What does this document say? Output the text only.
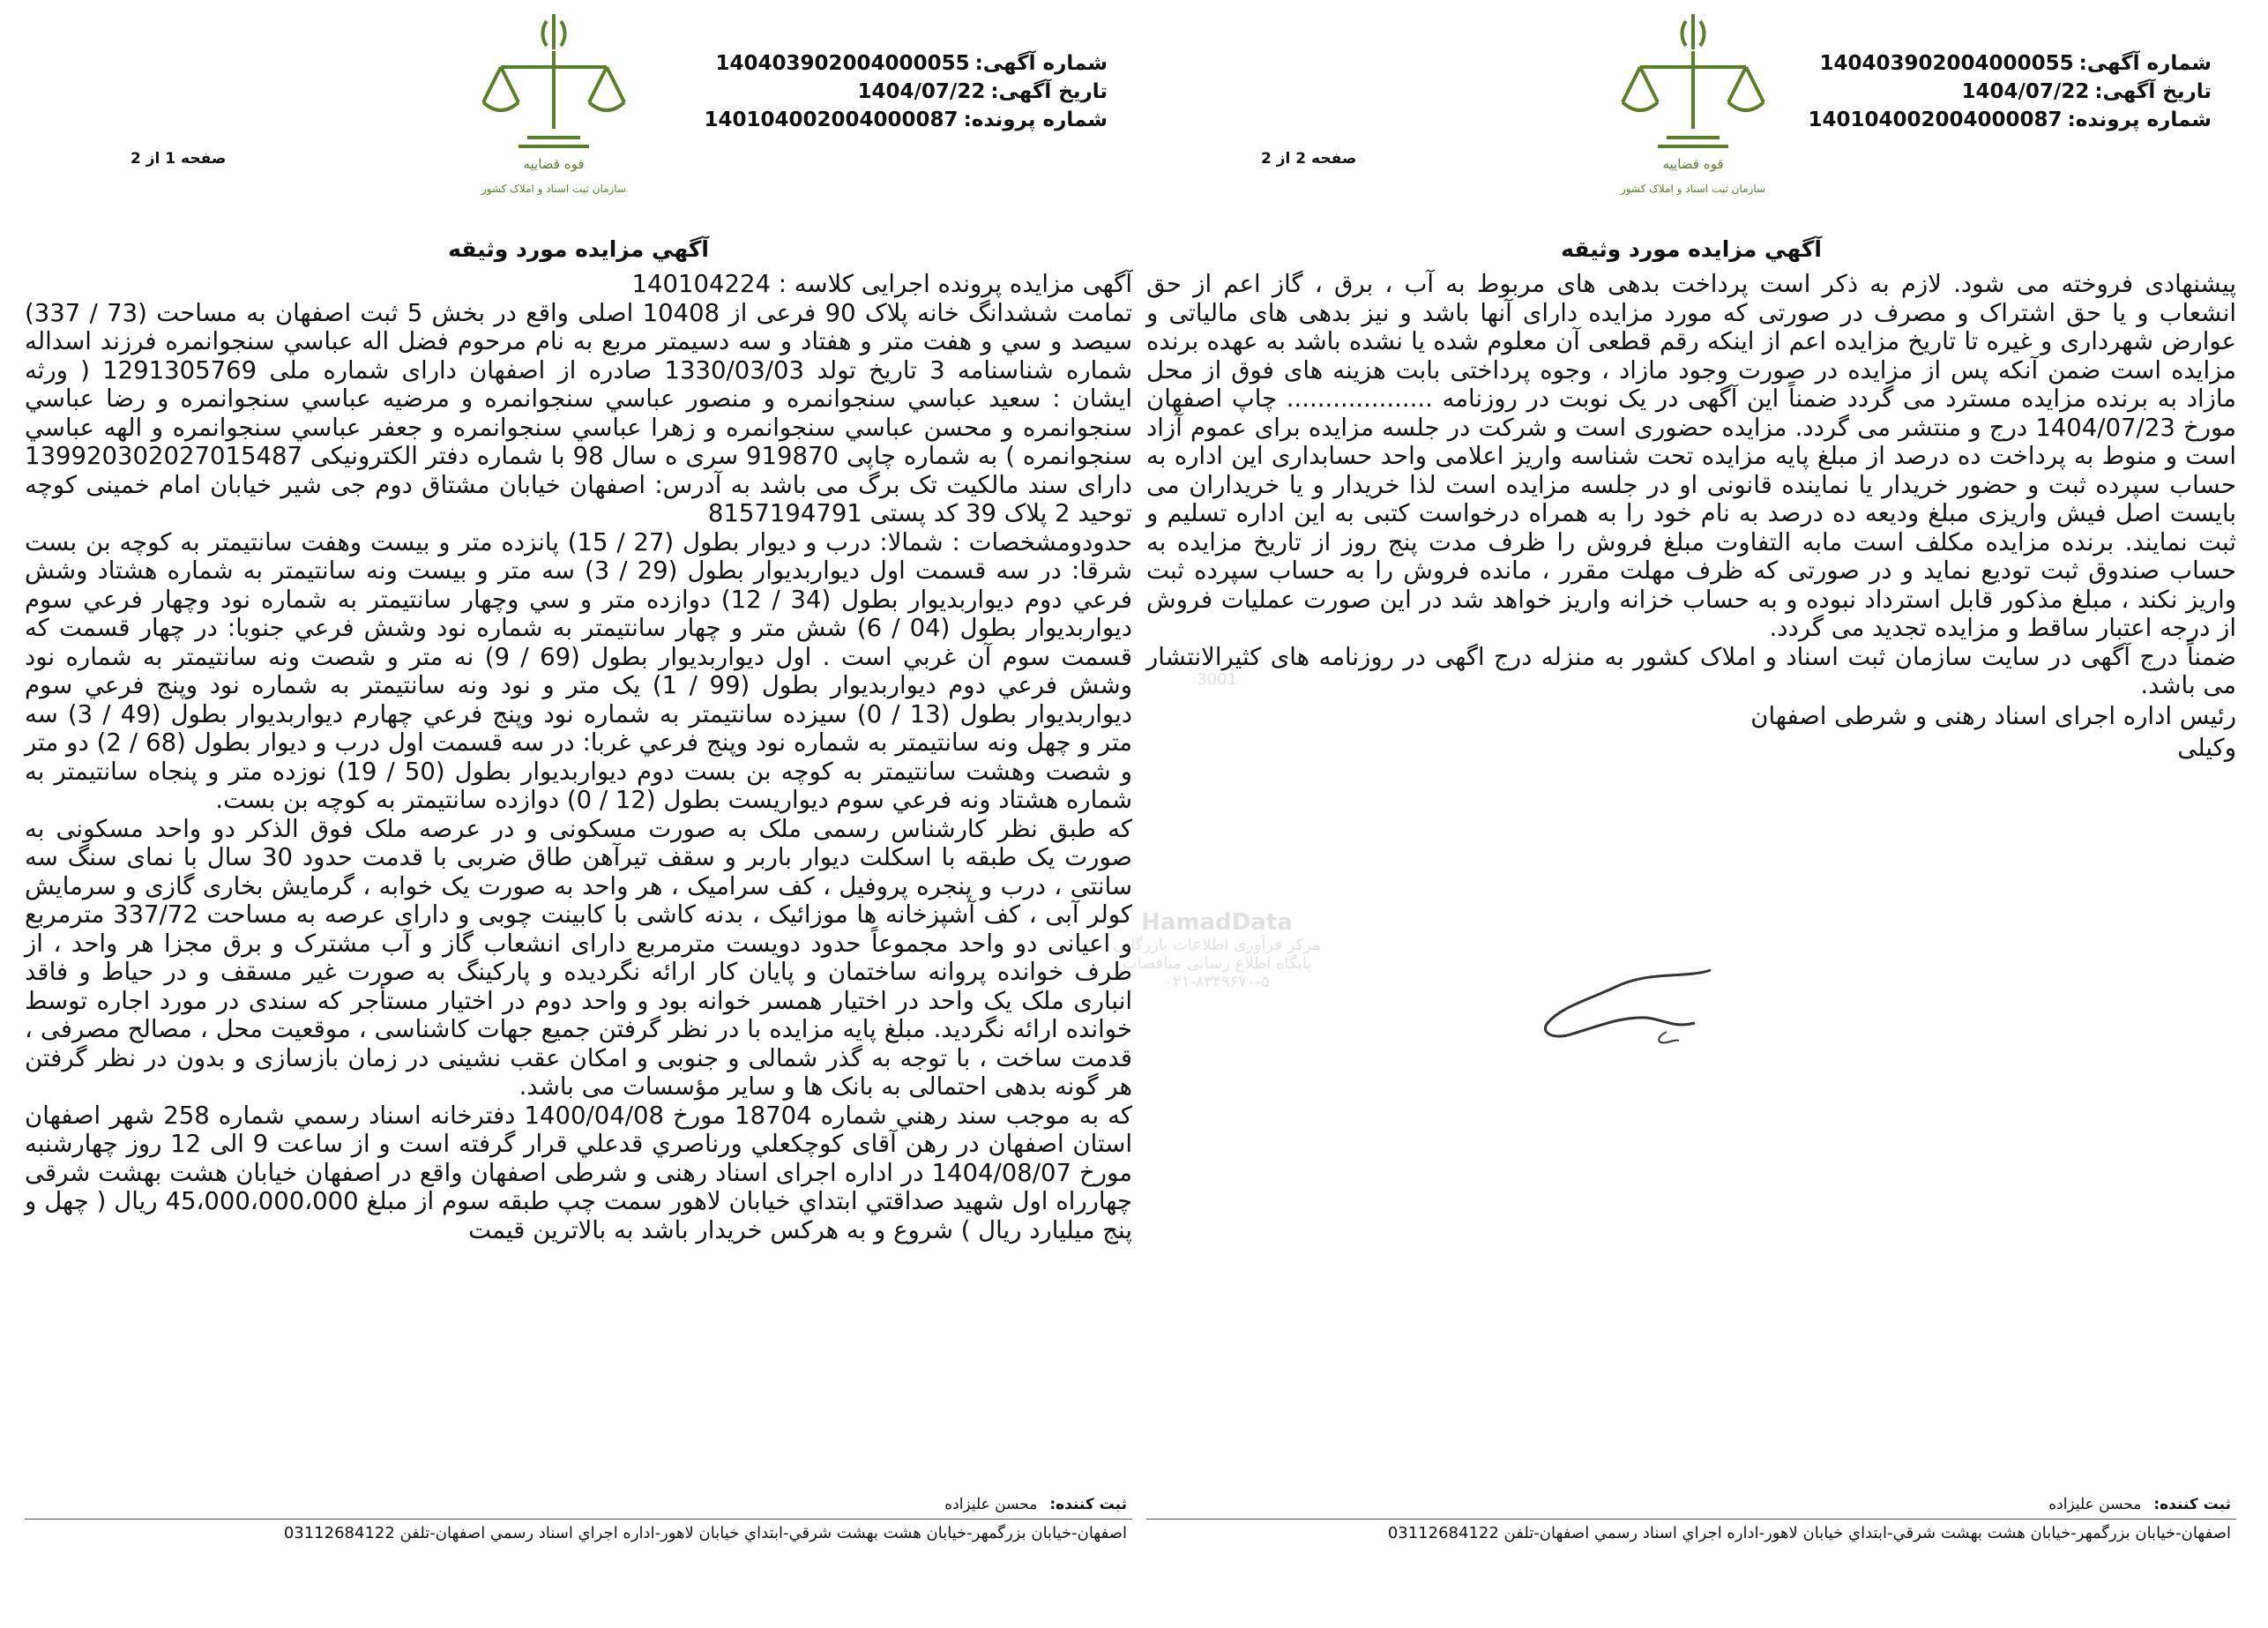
شماره آگهی:140403902004000055
تاریخ آگهی:1404/07/22
شماره پرونده:140104002004000087
قوه قضاییه
سازمان ثبت اسناد و املاک کشور
صفحه 1 از 2
آگهي مزايده مورد وثيقه

آگهی مزایده پرونده اجرایی کلاسه : 140104224

تمامت ششدانگ خانه پلاک 90 فرعی از 10408 اصلی واقع در بخش 5 ثبت اصفهان به مساحت (73 / 337) سيصد و سي و هفت متر و هفتاد و سه دسيمتر مربع به نام مرحوم فضل اله عباسي سنجوانمره فرزند اسداله شماره شناسنامه 3 تاریخ تولد 1330/03/03 صادره از اصفهان دارای شماره ملی 1291305769 ( ورثه ایشان : سعيد عباسي سنجوانمره و منصور عباسي سنجوانمره و مرضيه عباسي سنجوانمره و رضا عباسي سنجوانمره و محسن عباسي سنجوانمره و زهرا عباسي سنجوانمره و جعفر عباسي سنجوانمره و الهه عباسي سنجوانمره ) به شماره چاپی 919870 سری ه سال 98 با شماره دفتر الکترونیکی 139920302027015487 دارای سند مالکیت تک برگ می باشد به آدرس: اصفهان خیابان مشتاق دوم جی شیر خیابان امام خمینی کوچه توحید 2 پلاک 39 کد پستی 8157194791

حدودومشخصات : شمالا: درب و ديوار بطول (27 / 15) پانزده متر و بيست وهفت سانتيمتر به کوچه بن بست شرقا: در سه قسمت اول ديواربديوار بطول (29 / 3) سه متر و بيست ونه سانتيمتر به شماره هشتاد وشش فرعي دوم ديواربديوار بطول (34 / 12) دوازده متر و سي وچهار سانتيمتر به شماره نود وچهار فرعي سوم ديواربديوار بطول (04 / 6) شش متر و چهار سانتيمتر به شماره نود وشش فرعي جنوبا: در چهار قسمت که قسمت سوم آن غربي است . اول ديواربديوار بطول (69 / 9) نه متر و شصت ونه سانتيمتر به شماره نود وشش فرعي دوم ديواربديوار بطول (99 / 1) يک متر و نود ونه سانتيمتر به شماره نود وپنج فرعي سوم ديواربديوار بطول (13 / 0) سيزده سانتيمتر به شماره نود وپنج فرعي چهارم ديواربديوار بطول (49 / 3) سه متر و چهل ونه سانتيمتر به شماره نود وپنج فرعي غربا: در سه قسمت اول درب و ديوار بطول (68 / 2) دو متر و شصت وهشت سانتيمتر به کوچه بن بست دوم ديواربديوار بطول (50 / 19) نوزده متر و پنجاه سانتيمتر به شماره هشتاد ونه فرعي سوم ديواريست بطول (12 / 0) دوازده سانتيمتر به کوچه بن بست.

که طبق نظر کارشناس رسمی ملک به صورت مسکونی و در عرصه ملک فوق الذکر دو واحد مسکونی به صورت یک طبقه با اسکلت دیوار باربر و سقف تیرآهن طاق ضربی با قدمت حدود 30 سال با نمای سنگ سه سانتی ، درب و پنجره پروفیل ، کف سرامیک ، هر واحد به صورت یک خوابه ، گرمایش بخاری گازی و سرمایش کولر آبی ، کف آشپزخانه ها موزائیک ، بدنه کاشی با کابینت چوبی و دارای عرصه به مساحت 337/72 مترمربع و اعیانی دو واحد مجموعاً حدود دویست مترمربع دارای انشعاب گاز و آب مشترک و برق مجزا هر واحد ، از طرف خوانده پروانه ساختمان و پایان کار ارائه نگردیده و پارکینگ به صورت غیر مسقف و در حیاط و فاقد انباری ملک یک واحد در اختیار همسر خوانه بود و واحد دوم در اختیار مستأجر که سندی در مورد اجاره توسط خوانده ارائه نگردید. مبلغ پایه مزایده با در نظر گرفتن جمیع جهات کاشناسی ، موقعیت محل ، مصالح مصرفی ، قدمت ساخت ، با توجه به گذر شمالی و جنوبی و امکان عقب نشینی در زمان بازسازی و بدون در نظر گرفتن هر گونه بدهی احتمالی به بانک ها و سایر مؤسسات می باشد.

که به موجب سند رهني شماره 18704 مورخ 1400/04/08 دفترخانه اسناد رسمي شماره 258 شهر اصفهان استان اصفهان در رهن آقای کوچکعلي ورناصري قدعلي قرار گرفته است و از ساعت 9 الی 12 روز چهارشنبه مورخ 1404/08/07 در اداره اجرای اسناد رهنی و شرطی اصفهان واقع در اصفهان خیابان هشت بهشت شرقی چهارراه اول شهید صداقتي ابتداي خيابان لاهور سمت چپ طبقه سوم از مبلغ 45،000،000،000 ریال ( چهل و پنج میلیارد ریال ) شروع و به هرکس خریدار باشد به بالاترین قیمت

ثبت کننده:محسن عليزاده
اصفهان-خيابان بزرگمهر-خيابان هشت بهشت شرقي-ابتداي خيابان لاهور-اداره اجراي اسناد رسمي اصفهان-تلفن 03112684122
شماره آگهی:140403902004000055
تاریخ آگهی:1404/07/22
شماره پرونده:140104002004000087
قوه قضاییه
سازمان ثبت اسناد و املاک کشور
صفحه 2 از 2
آگهي مزايده مورد وثيقه

پیشنهادی فروخته می شود. لازم به ذکر است پرداخت بدهی های مربوط به آب ، برق ، گاز اعم از حق انشعاب و یا حق اشتراک و مصرف در صورتی که مورد مزایده دارای آنها باشد و نیز بدهی های مالیاتی و عوارض شهرداری و غیره تا تاریخ مزایده اعم از اینکه رقم قطعی آن معلوم شده یا نشده باشد به عهده برنده مزایده است ضمن آنکه پس از مزایده در صورت وجود مازاد ، وجوه پرداختی بابت هزینه های فوق از محل مازاد به برنده مزایده مسترد می گردد ضمناً این آگهی در یک نوبت در روزنامه ................... چاپ اصفهان مورخ 1404/07/23 درج و منتشر می گردد. مزایده حضوری است و شرکت در جلسه مزایده برای عموم آزاد است و منوط به پرداخت ده درصد از مبلغ پایه مزایده تحت شناسه واریز اعلامی واحد حسابداری این اداره به حساب سپرده ثبت و حضور خریدار یا نماینده قانونی او در جلسه مزایده است لذا خریدار و یا خریداران می بایست اصل فیش واریزی مبلغ ودیعه ده درصد به نام خود را به همراه درخواست کتبی به این اداره تسلیم و ثبت نمایند. برنده مزایده مکلف است مابه التفاوت مبلغ فروش را ظرف مدت پنج روز از تاریخ مزایده به حساب صندوق ثبت تودیع نماید و در صورتی که ظرف مهلت مقرر ، مانده فروش را به حساب سپرده ثبت واریز نکند ، مبلغ مذکور قابل استرداد نبوده و به حساب خزانه واریز خواهد شد در این صورت عملیات فروش از درجه اعتبار ساقط و مزایده تجدید می گردد.

ضمناً درج آگهی در سایت سازمان ثبت اسناد و املاک کشور به منزله درج اگهی در روزنامه های کثیرالانتشار می باشد.

رئیس اداره اجرای اسناد رهنی و شرطی اصفهان
وکیلی
ثبت کننده:محسن عليزاده
اصفهان-خيابان بزرگمهر-خيابان هشت بهشت شرقي-ابتداي خيابان لاهور-اداره اجراي اسناد رسمي اصفهان-تلفن 03112684122
3001
HamadData
مرکز فرآوری اطلاعات بازرگانی
پایگاه اطلاع رسانی مناقصات
۰۲۱-۸۳۴۹۶۷۰-۵
